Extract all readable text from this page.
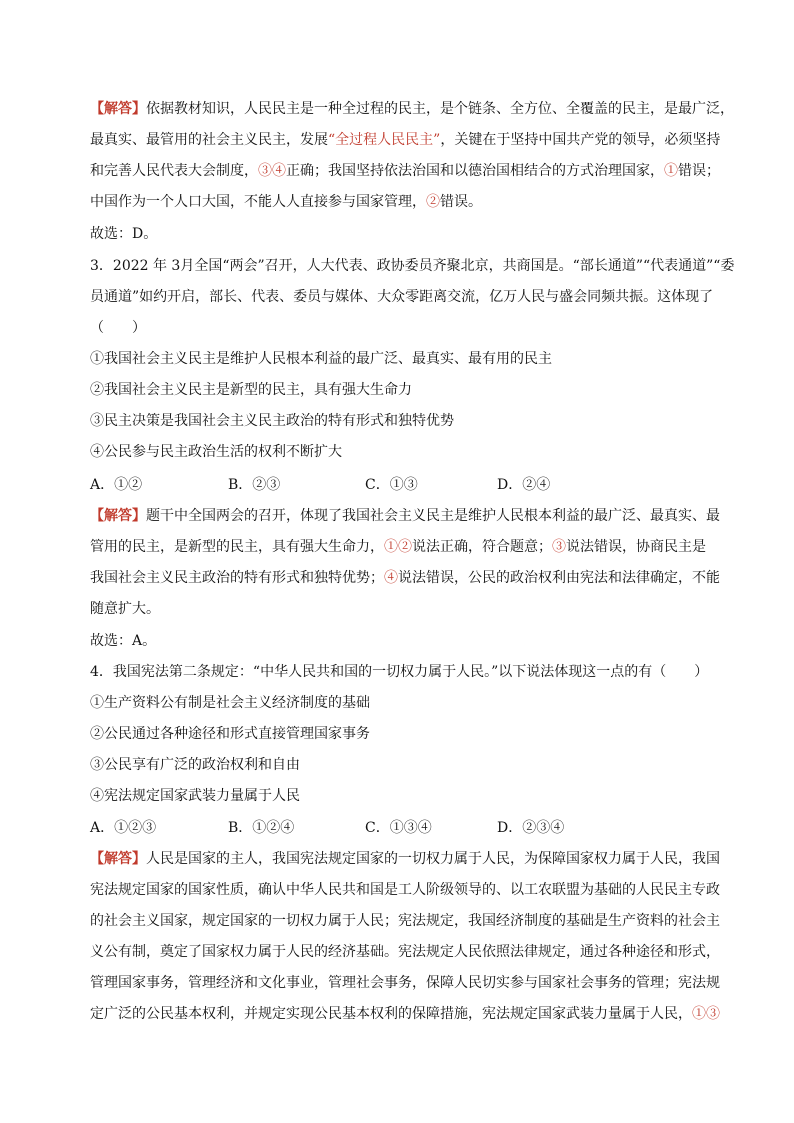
【解答】依据教材知识，人民民主是一种全过程的民主，是个链条、全方位、全覆盖的民主，是最广泛，
最真实、最管用的社会主义民主，发展“全过程人民民主”，关键在于坚持中国共产党的领导，必须坚持
和完善人民代表大会制度，③④正确；我国坚持依法治国和以德治国相结合的方式治理国家，①错误；
中国作为一个人口大国，不能人人直接参与国家管理，②错误。
故选：D。
3．2022 年 3月全国“两会”召开，人大代表、政协委员齐聚北京，共商国是。“部长通道”“代表通道”“委
员通道”如约开启，部长、代表、委员与媒体、大众零距离交流，亿万人民与盛会同频共振。这体现了
（　　）
①我国社会主义民主是维护人民根本利益的最广泛、最真实、最有用的民主
②我国社会主义民主是新型的民主，具有强大生命力
③民主决策是我国社会主义民主政治的特有形式和独特优势
④公民参与民主政治生活的权利不断扩大
A．①②	B．②③	C．①③	D．②④
【解答】题干中全国两会的召开，体现了我国社会主义民主是维护人民根本利益的最广泛、最真实、最
管用的民主，是新型的民主，具有强大生命力，①②说法正确，符合题意；③说法错误，协商民主是
我国社会主义民主政治的特有形式和独特优势；④说法错误，公民的政治权利由宪法和法律确定，不能
随意扩大。
故选：A。
4．我国宪法第二条规定：“中华人民共和国的一切权力属于人民。”以下说法体现这一点的有（　　）
①生产资料公有制是社会主义经济制度的基础
②公民通过各种途径和形式直接管理国家事务
③公民享有广泛的政治权利和自由
④宪法规定国家武装力量属于人民
A．①②③	B．①②④	C．①③④	D．②③④
【解答】人民是国家的主人，我国宪法规定国家的一切权力属于人民，为保障国家权力属于人民，我国
宪法规定国家的国家性质，确认中华人民共和国是工人阶级领导的、以工农联盟为基础的人民民主专政
的社会主义国家，规定国家的一切权力属于人民；宪法规定，我国经济制度的基础是生产资料的社会主
义公有制，奠定了国家权力属于人民的经济基础。宪法规定人民依照法律规定，通过各种途径和形式，
管理国家事务，管理经济和文化事业，管理社会事务，保障人民切实参与国家社会事务的管理；宪法规
定广泛的公民基本权利，并规定实现公民基本权利的保障措施，宪法规定国家武装力量属于人民，①③
